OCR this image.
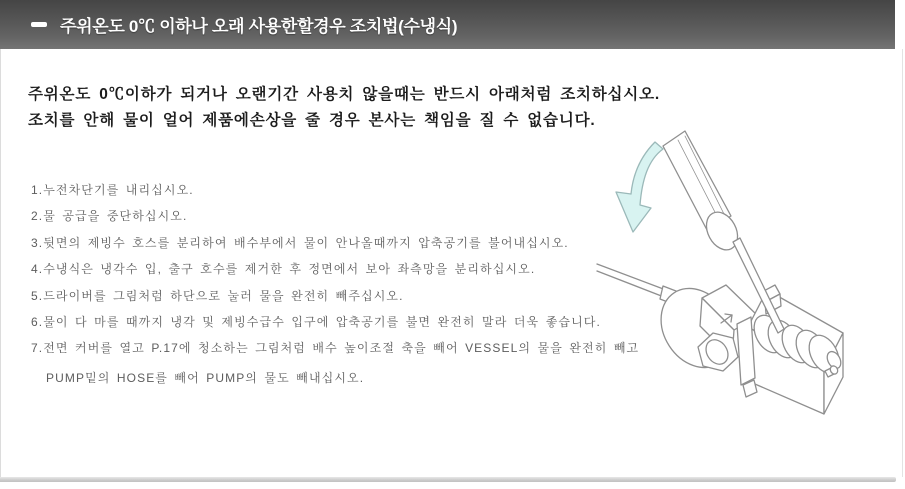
주위온도 0℃ 이하나 오래 사용한할경우 조치법(수냉식)
주위온도 0℃이하가 되거나 오랜기간 사용치 않을때는 반드시 아래처럼 조치하십시오.
조치를 안해 물이 얼어 제품에손상을 줄 경우 본사는 책임을 질 수 없습니다.
1.누전차단기를 내리십시오.
2.물 공급을 중단하십시오.
3.뒷면의 제빙수 호스를 분리하여 배수부에서 물이 안나올때까지 압축공기를 불어내십시오.
4.수냉식은 냉각수 입, 출구 호수를 제거한 후 정면에서 보아 좌측망을 분리하십시오.
5.드라이버를 그림처럼 하단으로 눌러 물을 완전히 빼주십시오.
6.물이 다 마를 때까지 냉각 및 제빙수급수 입구에 압축공기를 불면 완전히 말라 더욱 좋습니다.
7.전면 커버를 열고 P.17에 청소하는 그림처럼 배수 높이조절 축을 빼어 VESSEL의 물을 완전히 빼고
PUMP밑의 HOSE를 빼어 PUMP의 물도 빼내십시오.
